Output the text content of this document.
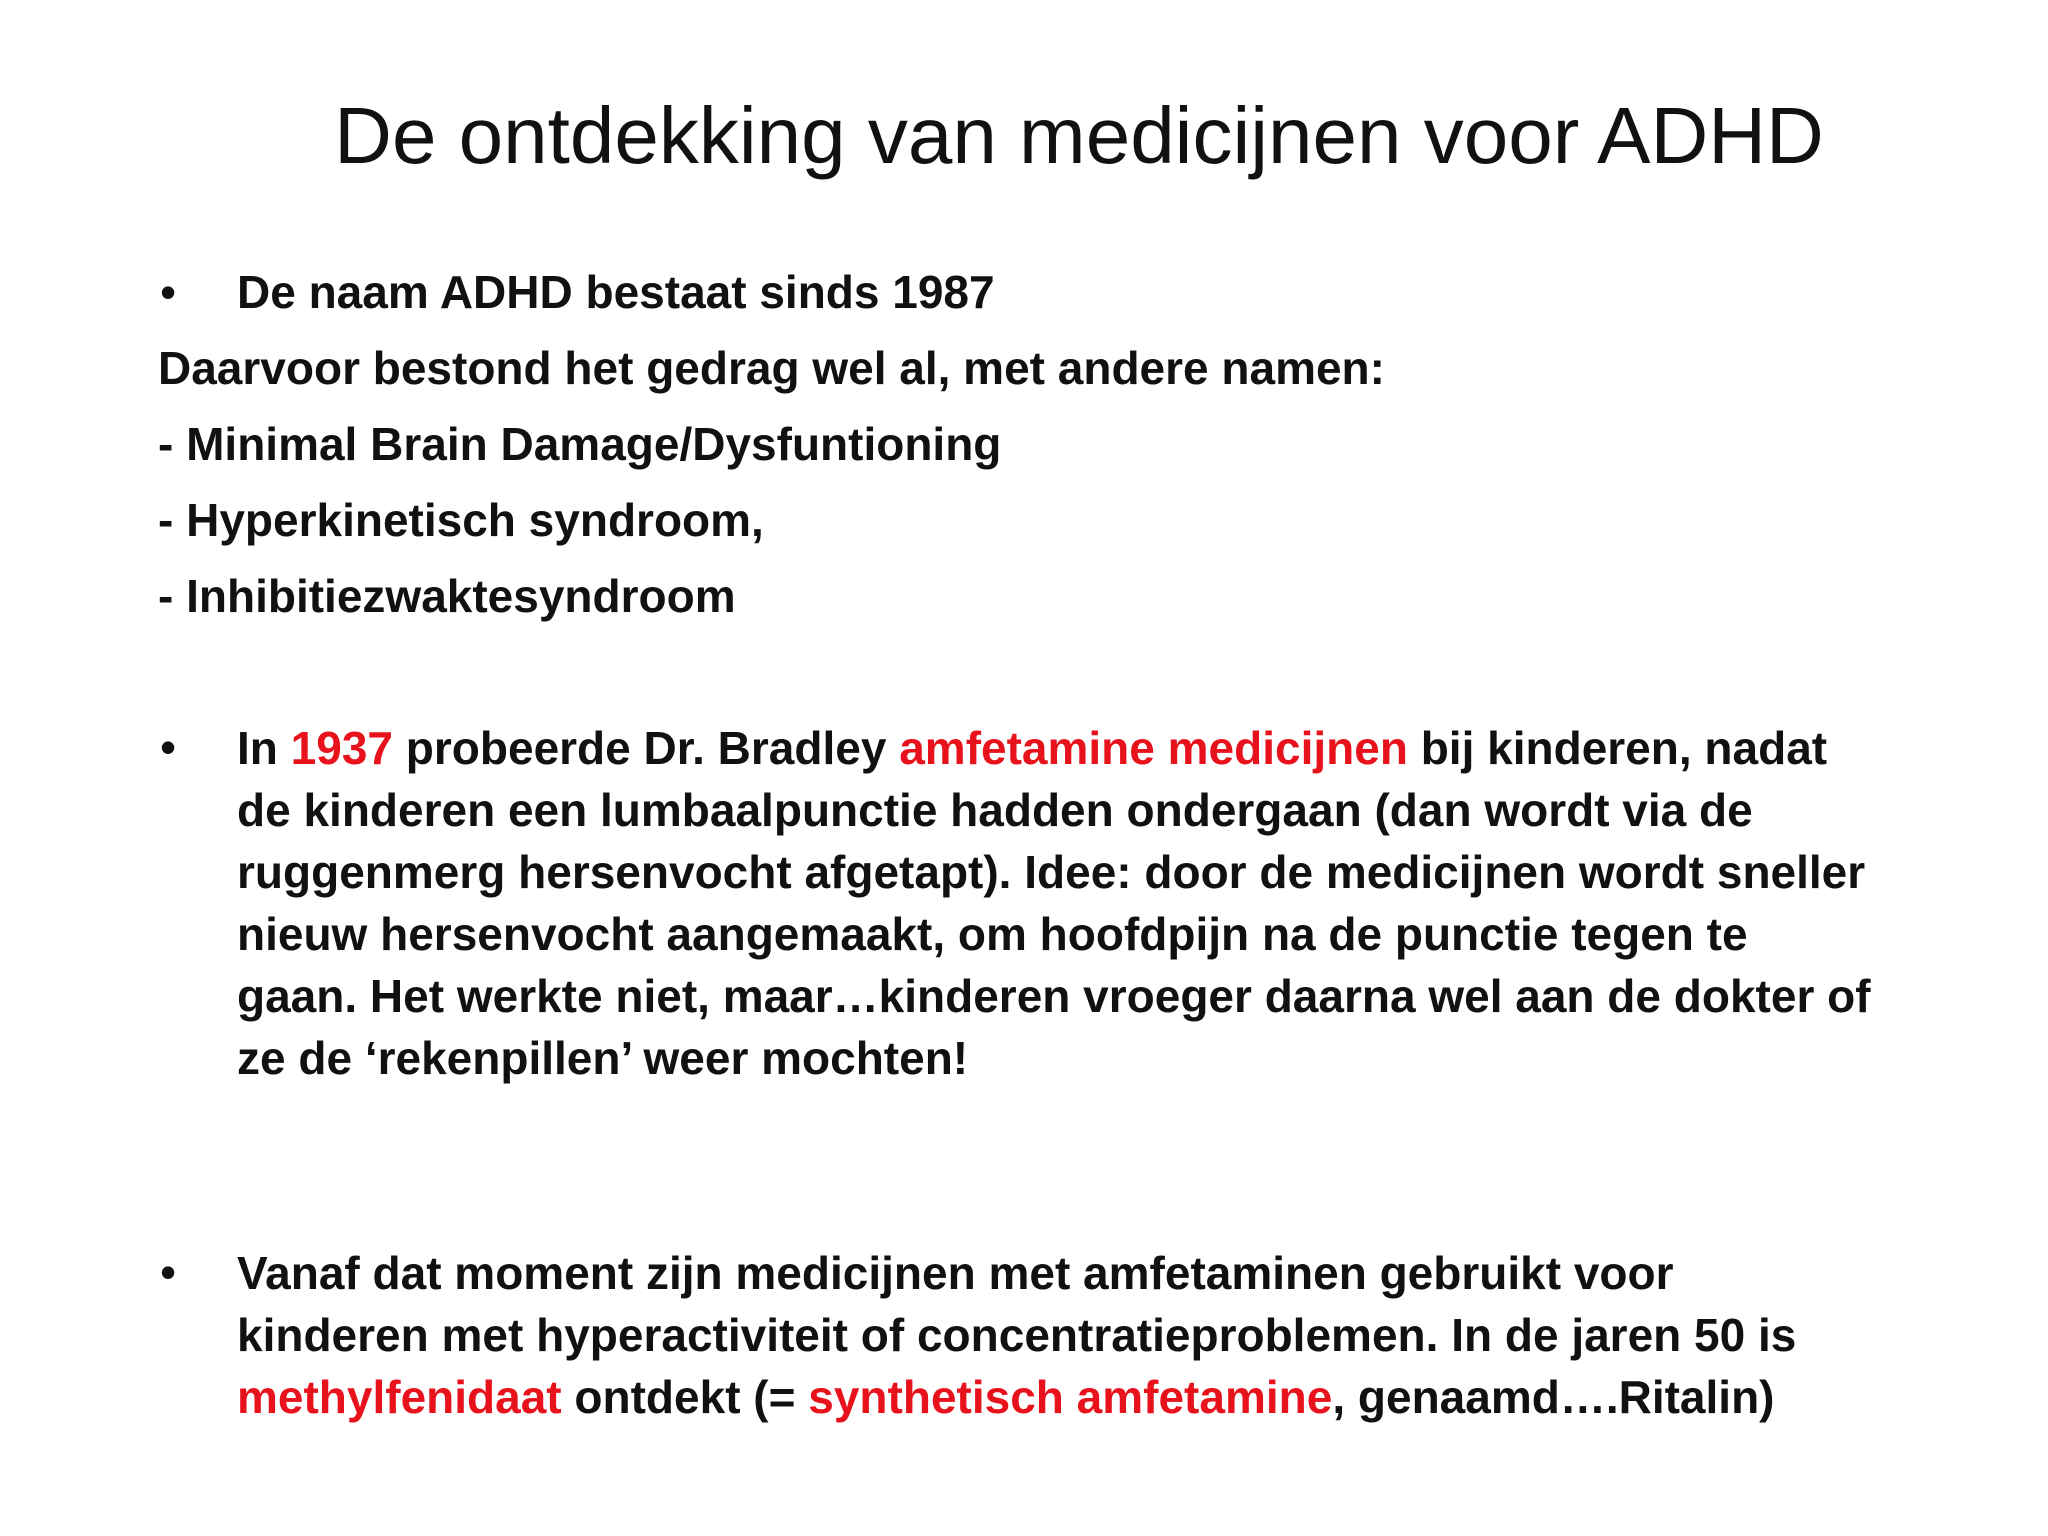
De ontdekking van medicijnen voor ADHD
• De naam ADHD bestaat sinds 1987
Daarvoor bestond het gedrag wel al, met andere namen:
- Minimal Brain Damage/Dysfuntioning
- Hyperkinetisch syndroom,
- Inhibitiezwaktesyndroom
• In 1937 probeerde Dr. Bradley amfetamine medicijnen bij kinderen, nadat de kinderen een lumbaalpunctie hadden ondergaan (dan wordt via de ruggenmerg hersenvocht afgetapt). Idee: door de medicijnen wordt sneller nieuw hersenvocht aangemaakt, om hoofdpijn na de punctie tegen te gaan. Het werkte niet, maar…kinderen vroeger daarna wel aan de dokter of ze de ‘rekenpillen’ weer mochten!
• Vanaf dat moment zijn medicijnen met amfetaminen gebruikt voor kinderen met hyperactiviteit of concentratieproblemen. In de jaren 50 is methylfenidaat ontdekt (= synthetisch amfetamine, genaamd….Ritalin)
